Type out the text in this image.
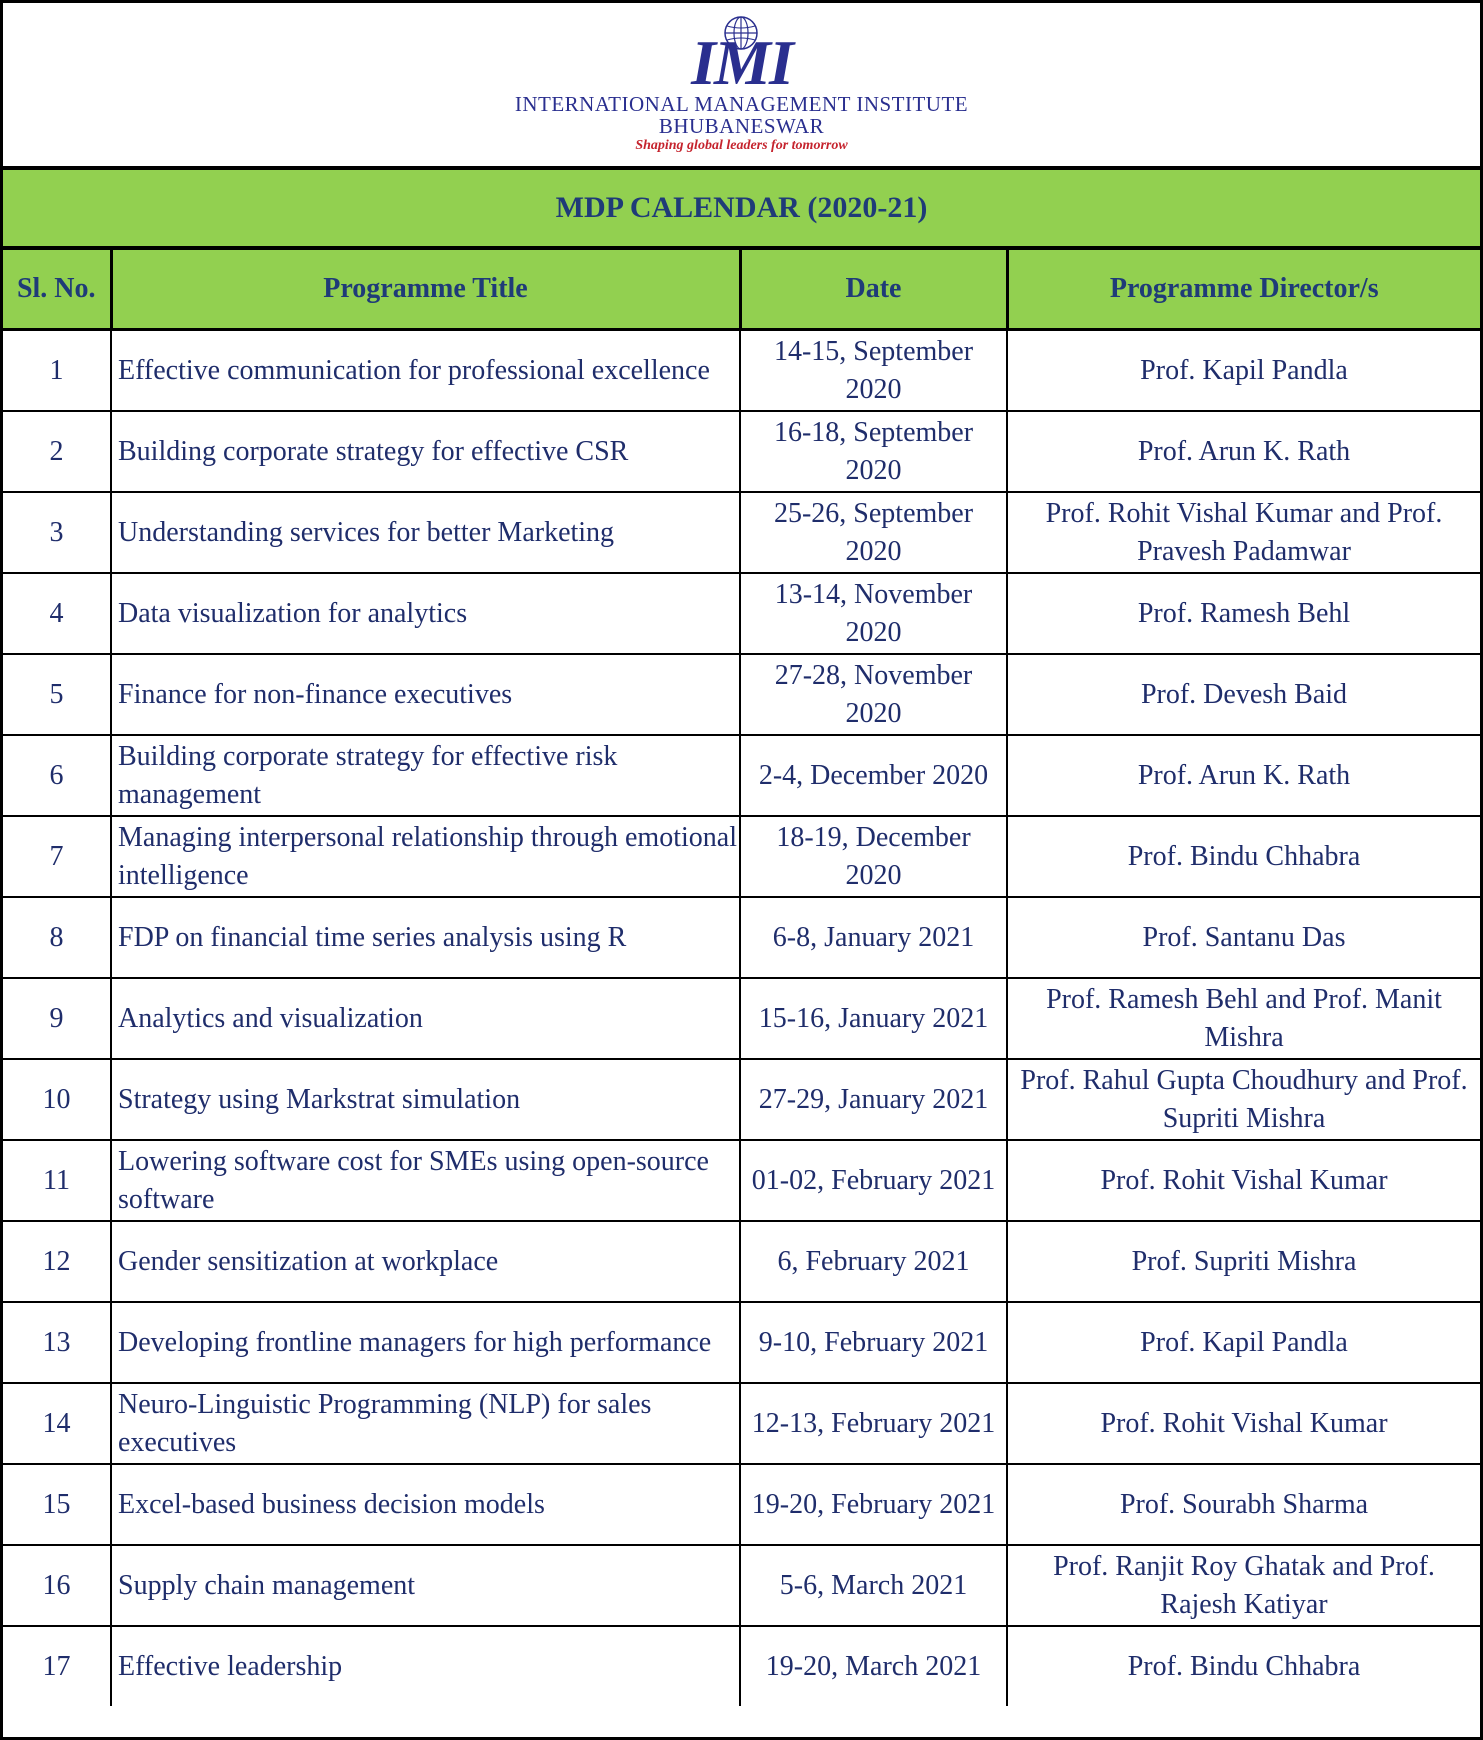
IMI
INTERNATIONAL MANAGEMENT INSTITUTE
BHUBANESWAR
Shaping global leaders for tomorrow
MDP CALENDAR (2020-21)
Sl. No.	Programme Title	Date	Programme Director/s
1	Effective communication for professional excellence	14-15, September 2020	Prof. Kapil Pandla
2	Building corporate strategy for effective CSR	16-18, September 2020	Prof. Arun K. Rath
3	Understanding services for better Marketing	25-26, September 2020	Prof. Rohit Vishal Kumar and Prof. Pravesh Padamwar
4	Data visualization for analytics	13-14, November 2020	Prof. Ramesh Behl
5	Finance for non-finance executives	27-28, November 2020	Prof. Devesh Baid
6	Building corporate strategy for effective risk management	2-4, December 2020	Prof. Arun K. Rath
7	Managing interpersonal relationship through emotional intelligence	18-19, December 2020	Prof. Bindu Chhabra
8	FDP on financial time series analysis using R	6-8, January 2021	Prof. Santanu Das
9	Analytics and visualization	15-16, January 2021	Prof. Ramesh Behl and Prof. Manit Mishra
10	Strategy using Markstrat simulation	27-29, January 2021	Prof. Rahul Gupta Choudhury and Prof. Supriti Mishra
11	Lowering software cost for SMEs using open-source software	01-02, February 2021	Prof. Rohit Vishal Kumar
12	Gender sensitization at workplace	6, February 2021	Prof. Supriti Mishra
13	Developing frontline managers for high performance	9-10, February 2021	Prof. Kapil Pandla
14	Neuro-Linguistic Programming (NLP) for sales executives	12-13, February 2021	Prof. Rohit Vishal Kumar
15	Excel-based business decision models	19-20, February 2021	Prof. Sourabh Sharma
16	Supply chain management	5-6, March 2021	Prof. Ranjit Roy Ghatak and Prof. Rajesh Katiyar
17	Effective leadership	19-20, March 2021	Prof. Bindu Chhabra
